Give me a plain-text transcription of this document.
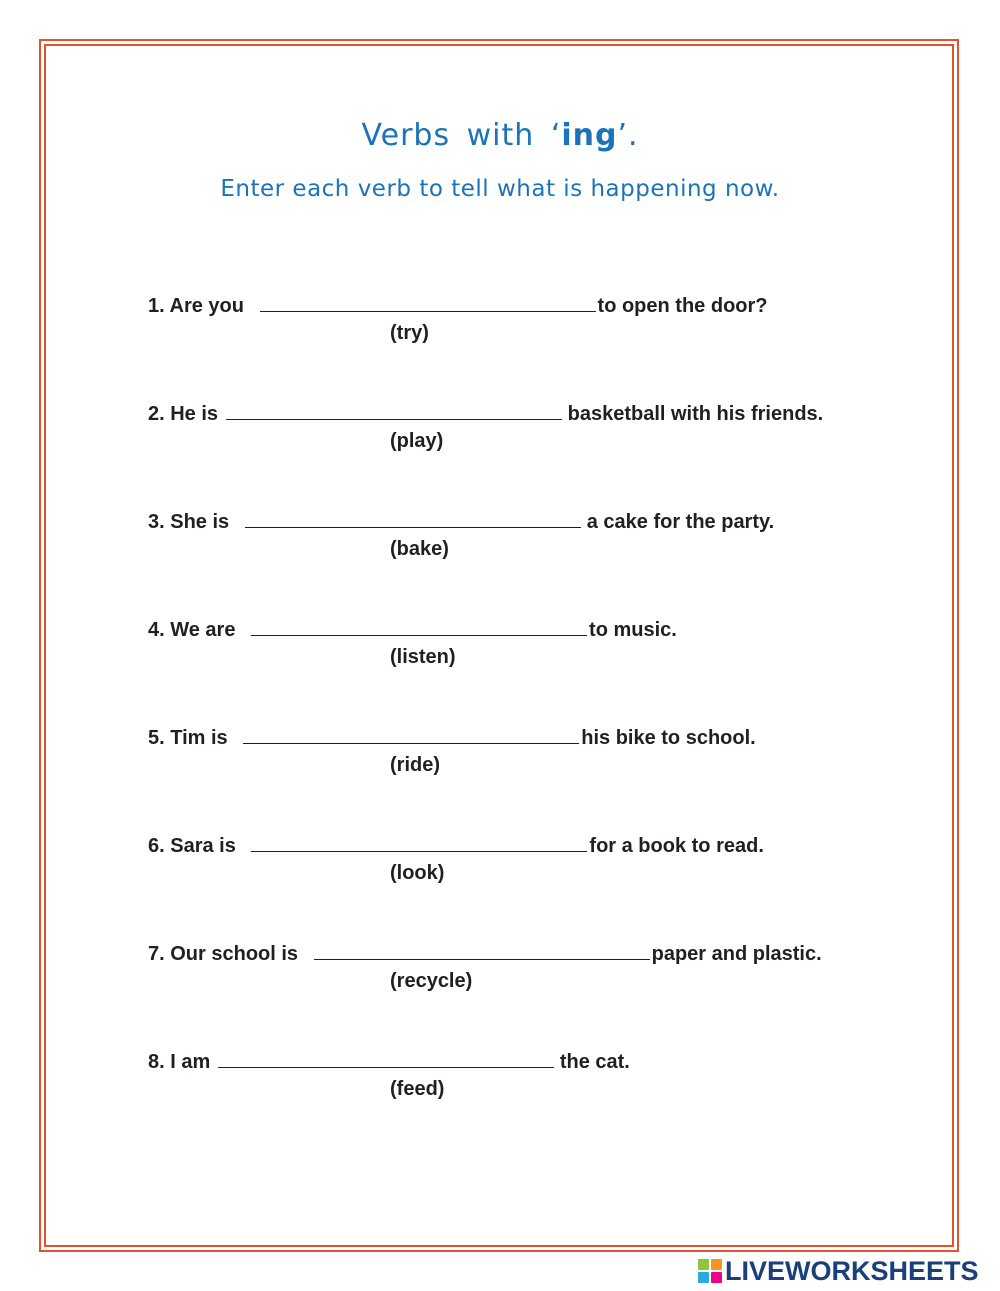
Verbs with ‘ing’.
Enter each verb to tell what is happening now.
1. Are you	to open the door?
(try)
2. He is	basketball with his friends.
(play)
3. She is	a cake for the party.
(bake)
4. We are	to music.
(listen)
5. Tim is	his bike to school.
(ride)
6. Sara is	for a book to read.
(look)
7. Our school is	paper and plastic.
(recycle)
8. I am	the cat.
(feed)
LIVEWORKSHEETS
